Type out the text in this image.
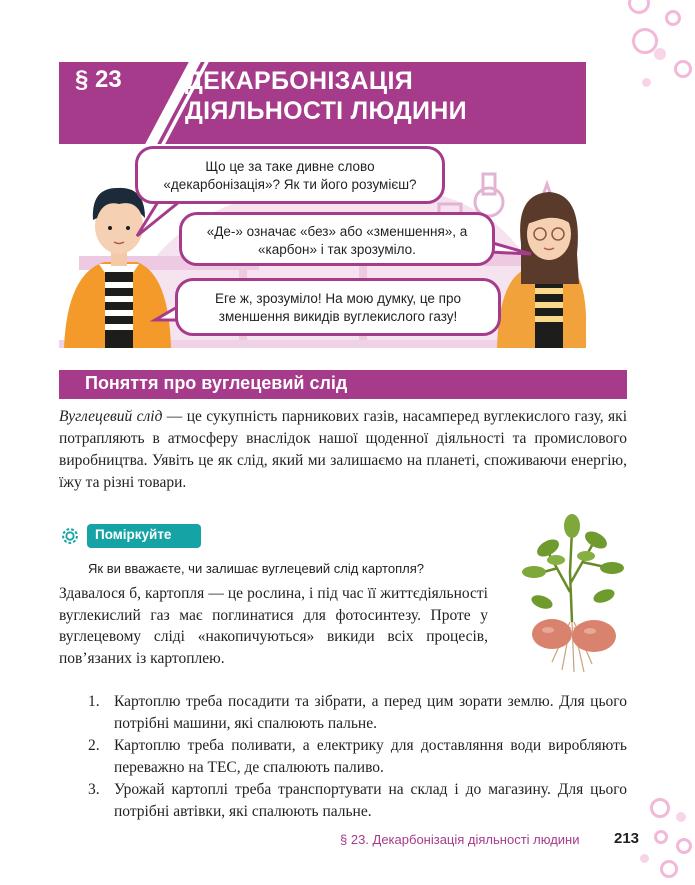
§ 23	ДЕКАРБОНІЗАЦІЯ ДІЯЛЬНОСТІ ЛЮДИНИ
Що це за таке дивне слово «декарбонізація»? Як ти його розумієш?
«Де-» означає «без» або «зменшення», а «карбон» і так зрозуміло.
Еге ж, зрозуміло! На мою думку, це про зменшення викидів вуглекислого газу!
Поняття про вуглецевий слід
Вуглецевий слід — це сукупність парникових газів, насамперед вуглекислого газу, які потрапляють в атмосферу внаслідок нашої щоденної діяльності та промислового виробництва. Уявіть це як слід, який ми залишаємо на планеті, споживаючи енергію, їжу та різні товари.
Поміркуйте
Як ви вважаєте, чи залишає вуглецевий слід картопля?
Здавалося б, картопля — це рослина, і під час її життєдіяльності вуглекислий газ має поглинатися для фотосинтезу. Проте у вуглецевому сліді «накопичуються» викиди всіх процесів, пов’язаних із картоплею.
1. Картоплю треба посадити та зібрати, а перед цим зорати землю. Для цього потрібні машини, які спалюють пальне.
2. Картоплю треба поливати, а електрику для доставляння води виробляють переважно на ТЕС, де спалюють паливо.
3. Урожай картоплі треба транспортувати на склад і до магазину. Для цього потрібні автівки, які спалюють пальне.
§ 23. Декарбонізація діяльності людини 213
